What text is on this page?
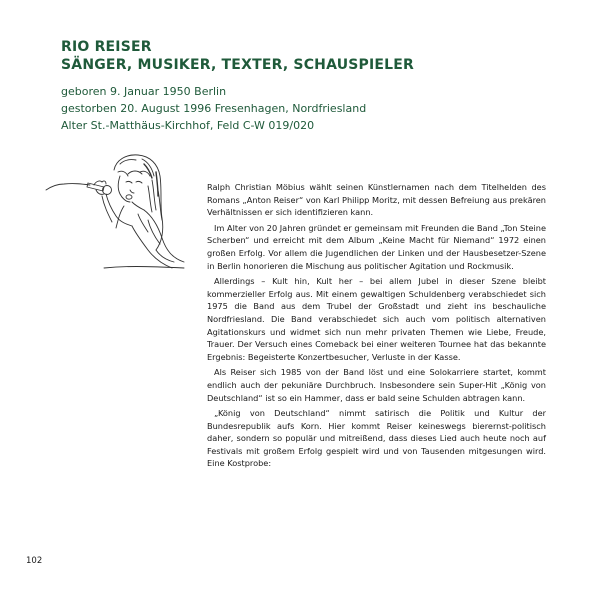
RIO REISER
SÄNGER, MUSIKER, TEXTER, SCHAUSPIELER
geboren 9. Januar 1950 Berlin
gestorben 20. August 1996 Fresenhagen, Nordfriesland
Alter St.-Matthäus-Kirchhof, Feld C-W 019/020

Ralph Christian Möbius wählt seinen Künstlernamen nach dem Titelhelden des Romans „Anton Reiser“ von Karl Philipp Moritz, mit dessen Befreiung aus prekären Verhältnissen er sich identifizieren kann.

Im Alter von 20 Jahren gründet er gemeinsam mit Freunden die Band „Ton Steine Scherben“ und erreicht mit dem Album „Keine Macht für Niemand“ 1972 einen großen Erfolg. Vor allem die Jugendlichen der Linken und der Hausbesetzer-Szene in Berlin honorieren die Mischung aus politischer Agitation und Rockmusik.

Allerdings – Kult hin, Kult her – bei allem Jubel in dieser Szene bleibt kommerzieller Erfolg aus. Mit einem gewaltigen Schuldenberg verabschiedet sich 1975 die Band aus dem Trubel der Großstadt und zieht ins beschauliche Nordfriesland. Die Band verabschiedet sich auch vom politisch alternativen Agitationskurs und widmet sich nun mehr privaten Themen wie Liebe, Freude, Trauer. Der Versuch eines Comeback bei einer weiteren Tournee hat das bekannte Ergebnis: Begeisterte Konzertbesucher, Verluste in der Kasse.

Als Reiser sich 1985 von der Band löst und eine Solokarriere startet, kommt endlich auch der pekuniäre Durchbruch. Insbesondere sein Super-Hit „König von Deutschland“ ist so ein Hammer, dass er bald seine Schulden abtragen kann.

„König von Deutschland“ nimmt satirisch die Politik und Kultur der Bundesrepublik aufs Korn. Hier kommt Reiser keineswegs bierernst-politisch daher, sondern so populär und mitreißend, dass dieses Lied auch heute noch auf Festivals mit großem Erfolg gespielt wird und von Tausenden mitgesungen wird. Eine Kostprobe:

102
